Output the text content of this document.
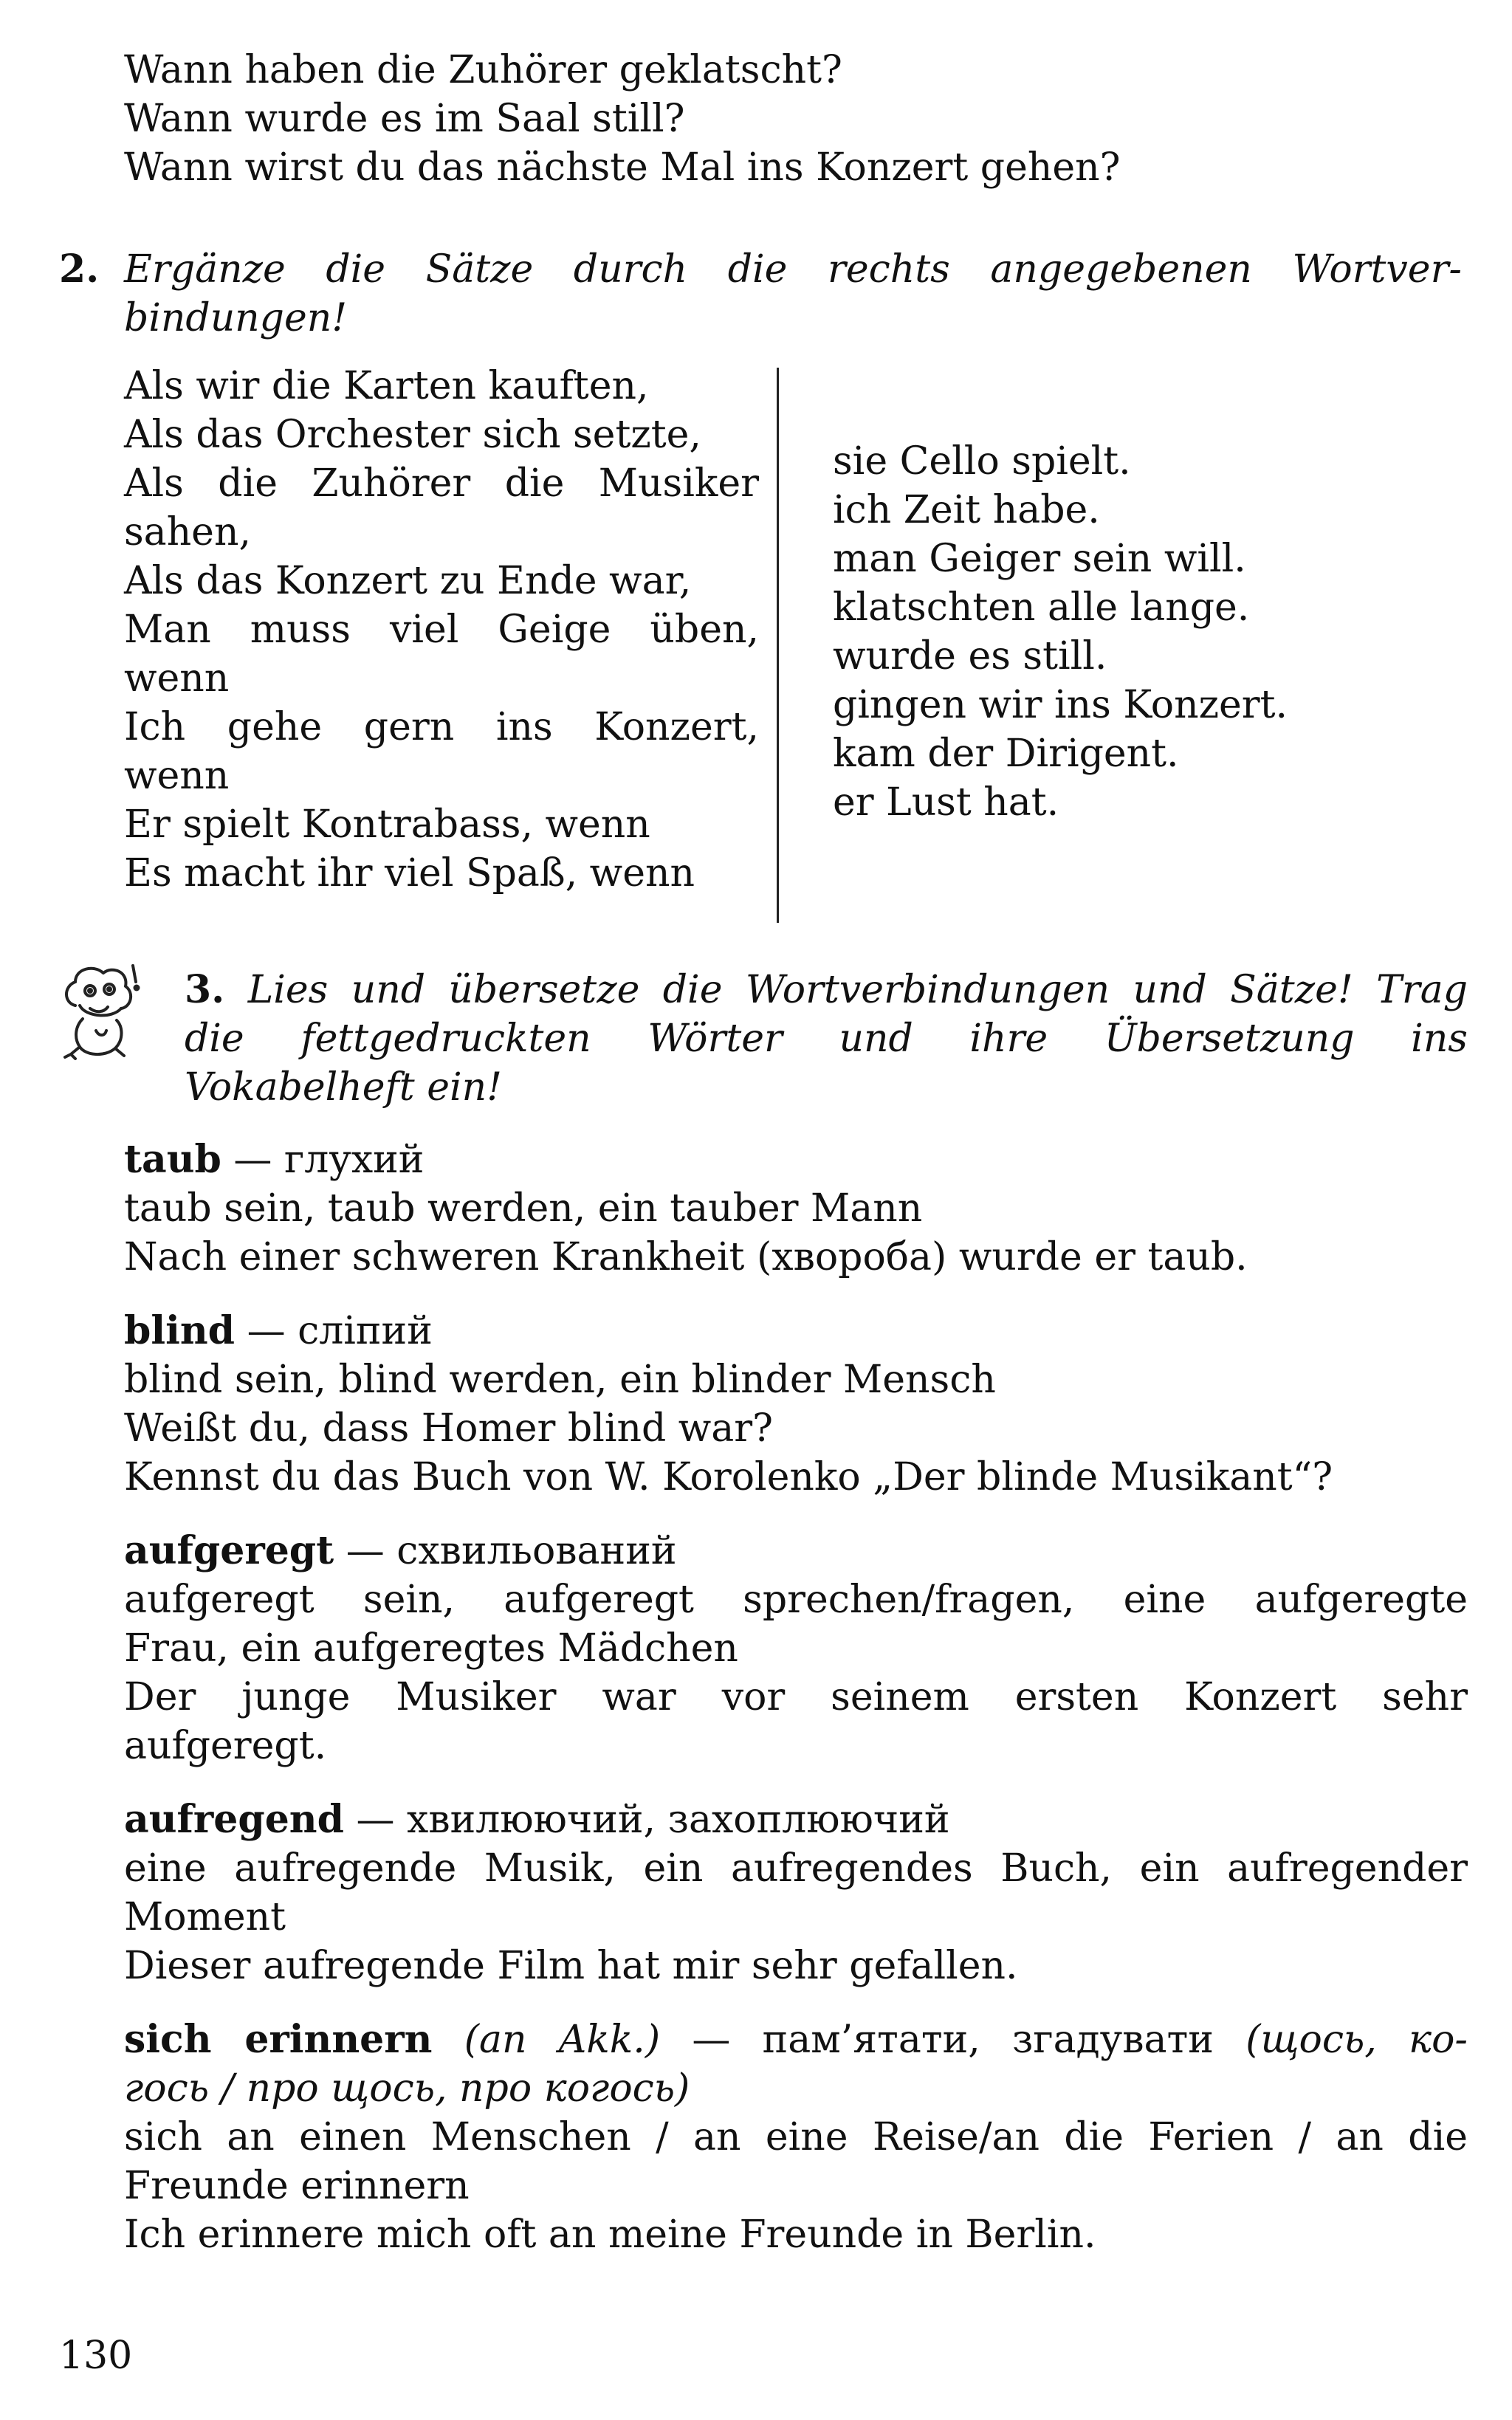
Wann haben die Zuhörer geklatscht?
Wann wurde es im Saal still?
Wann wirst du das nächste Mal ins Konzert gehen?
2. Ergänze die Sätze durch die rechts angegebenen Wortver-
bindungen!
Als wir die Karten kauften,
Als das Orchester sich setzte,
Als die Zuhörer die Musiker
sahen,
Als das Konzert zu Ende war,
Man muss viel Geige üben,
wenn
Ich gehe gern ins Konzert,
wenn
Er spielt Kontrabass, wenn
Es macht ihr viel Spaß, wenn
sie Cello spielt.
ich Zeit habe.
man Geiger sein will.
klatschten alle lange.
wurde es still.
gingen wir ins Konzert.
kam der Dirigent.
er Lust hat.
3. Lies und übersetze die Wortverbindungen und Sätze! Trag
die fettgedruckten Wörter und ihre Übersetzung ins
Vokabelheft ein!
taub — глухий
taub sein, taub werden, ein tauber Mann
Nach einer schweren Krankheit (хвороба) wurde er taub.
blind — сліпий
blind sein, blind werden, ein blinder Mensch
Weißt du, dass Homer blind war?
Kennst du das Buch von W. Korolenko „Der blinde Musikant“?
aufgeregt — схвильований
aufgeregt sein, aufgeregt sprechen/fragen, eine aufgeregte
Frau, ein aufgeregtes Mädchen
Der junge Musiker war vor seinem ersten Konzert sehr
aufgeregt.
aufregend — хвилюючий, захоплюючий
eine aufregende Musik, ein aufregendes Buch, ein aufregender
Moment
Dieser aufregende Film hat mir sehr gefallen.
sich erinnern (an Akk.) — пам’ятати, згадувати (щось, ко-
гось / про щось, про когось)
sich an einen Menschen / an eine Reise/an die Ferien / an die
Freunde erinnern
Ich erinnere mich oft an meine Freunde in Berlin.
130
